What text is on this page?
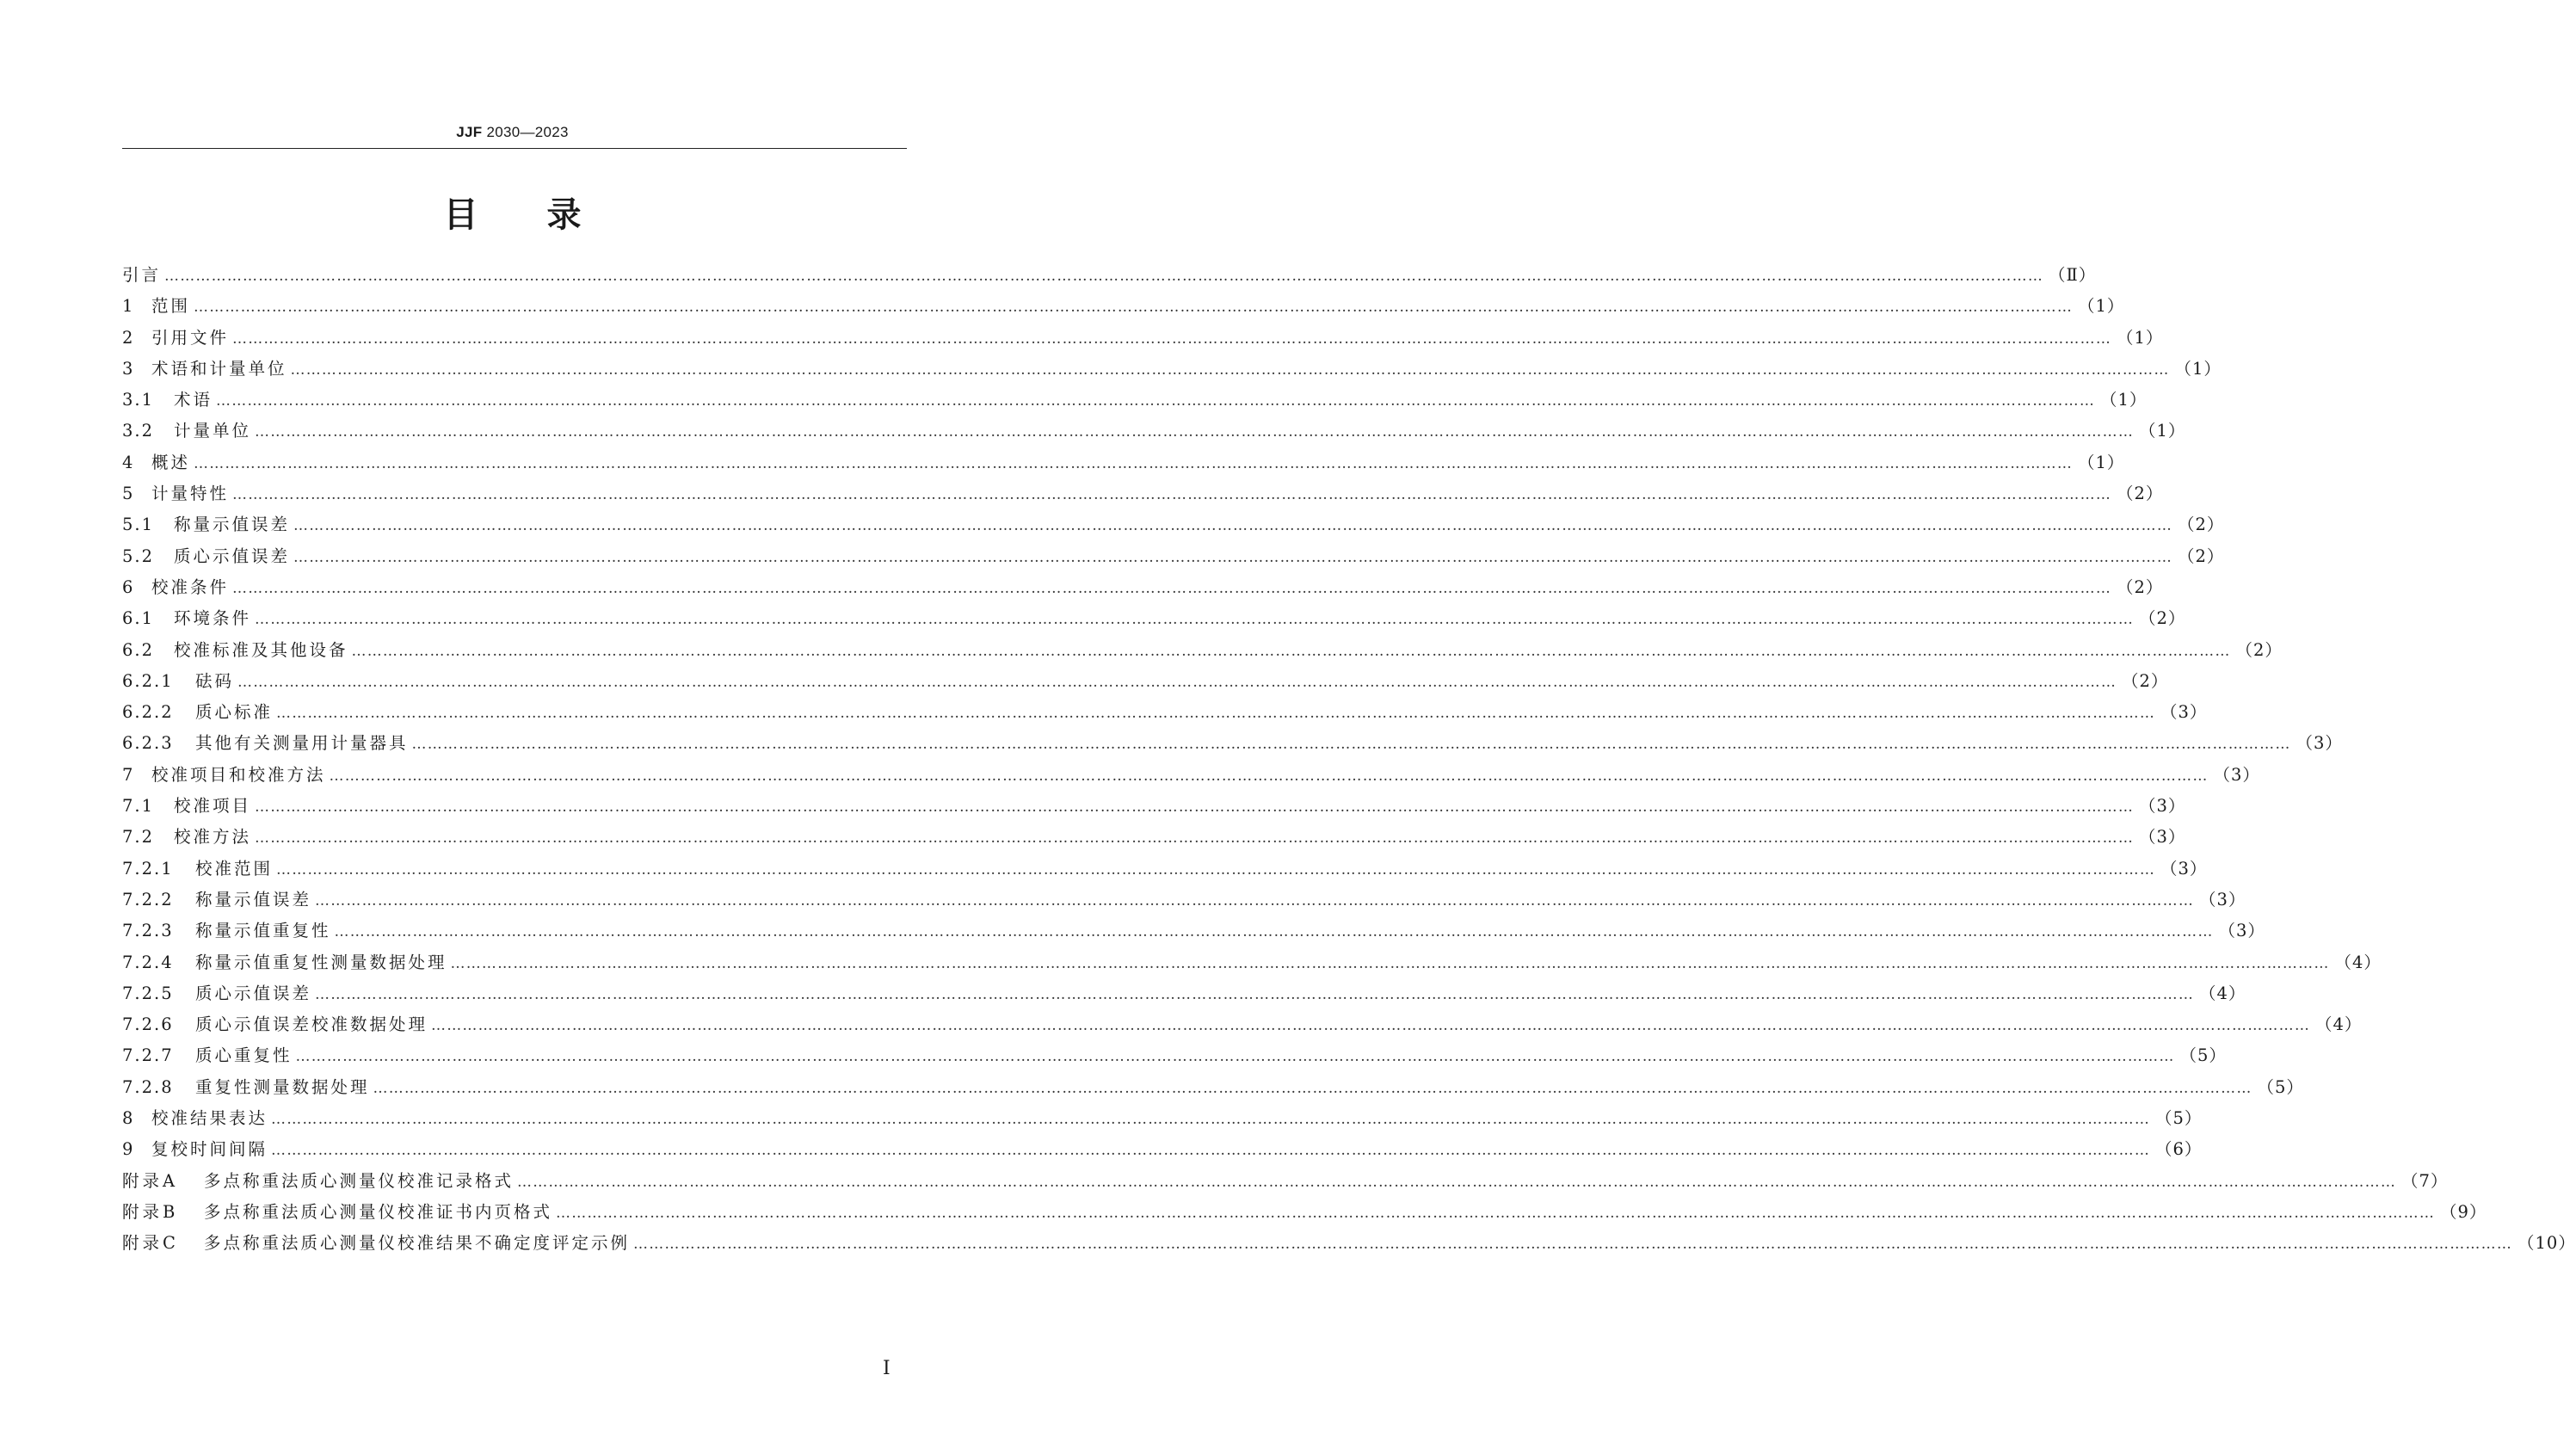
JJF 2030—2023
目录
引言 ……………………………………………………………………………………………………………………………………………………………………………………………………………………………………………………………………………………………………………………………… （Ⅱ）
1	范围 ……………………………………………………………………………………………………………………………………………………………………………………………………………………………………………………………………………………………………………………………… （1）
2	引用文件 ……………………………………………………………………………………………………………………………………………………………………………………………………………………………………………………………………………………………………………………………… （1）
3	术语和计量单位 ……………………………………………………………………………………………………………………………………………………………………………………………………………………………………………………………………………………………………………………………… （1）
3.1	术语 ……………………………………………………………………………………………………………………………………………………………………………………………………………………………………………………………………………………………………………………………… （1）
3.2	计量单位 ……………………………………………………………………………………………………………………………………………………………………………………………………………………………………………………………………………………………………………………………… （1）
4	概述 ……………………………………………………………………………………………………………………………………………………………………………………………………………………………………………………………………………………………………………………………… （1）
5	计量特性 ……………………………………………………………………………………………………………………………………………………………………………………………………………………………………………………………………………………………………………………………… （2）
5.1	称量示值误差 ……………………………………………………………………………………………………………………………………………………………………………………………………………………………………………………………………………………………………………………………… （2）
5.2	质心示值误差 ……………………………………………………………………………………………………………………………………………………………………………………………………………………………………………………………………………………………………………………………… （2）
6	校准条件 ……………………………………………………………………………………………………………………………………………………………………………………………………………………………………………………………………………………………………………………………… （2）
6.1	环境条件 ……………………………………………………………………………………………………………………………………………………………………………………………………………………………………………………………………………………………………………………………… （2）
6.2	校准标准及其他设备 ……………………………………………………………………………………………………………………………………………………………………………………………………………………………………………………………………………………………………………………………… （2）
6.2.1	砝码 ……………………………………………………………………………………………………………………………………………………………………………………………………………………………………………………………………………………………………………………………… （2）
6.2.2	质心标准 ……………………………………………………………………………………………………………………………………………………………………………………………………………………………………………………………………………………………………………………………… （3）
6.2.3	其他有关测量用计量器具 ……………………………………………………………………………………………………………………………………………………………………………………………………………………………………………………………………………………………………………………………… （3）
7	校准项目和校准方法 ……………………………………………………………………………………………………………………………………………………………………………………………………………………………………………………………………………………………………………………………… （3）
7.1	校准项目 ……………………………………………………………………………………………………………………………………………………………………………………………………………………………………………………………………………………………………………………………… （3）
7.2	校准方法 ……………………………………………………………………………………………………………………………………………………………………………………………………………………………………………………………………………………………………………………………… （3）
7.2.1	校准范围 ……………………………………………………………………………………………………………………………………………………………………………………………………………………………………………………………………………………………………………………………… （3）
7.2.2	称量示值误差 ……………………………………………………………………………………………………………………………………………………………………………………………………………………………………………………………………………………………………………………………… （3）
7.2.3	称量示值重复性 ……………………………………………………………………………………………………………………………………………………………………………………………………………………………………………………………………………………………………………………………… （3）
7.2.4	称量示值重复性测量数据处理 ……………………………………………………………………………………………………………………………………………………………………………………………………………………………………………………………………………………………………………………………… （4）
7.2.5	质心示值误差 ……………………………………………………………………………………………………………………………………………………………………………………………………………………………………………………………………………………………………………………………… （4）
7.2.6	质心示值误差校准数据处理 ……………………………………………………………………………………………………………………………………………………………………………………………………………………………………………………………………………………………………………………………… （4）
7.2.7	质心重复性 ……………………………………………………………………………………………………………………………………………………………………………………………………………………………………………………………………………………………………………………………… （5）
7.2.8	重复性测量数据处理 ……………………………………………………………………………………………………………………………………………………………………………………………………………………………………………………………………………………………………………………………… （5）
8	校准结果表达 ……………………………………………………………………………………………………………………………………………………………………………………………………………………………………………………………………………………………………………………………… （5）
9	复校时间间隔 ……………………………………………………………………………………………………………………………………………………………………………………………………………………………………………………………………………………………………………………………… （6）
附录A	多点称重法质心测量仪校准记录格式 ……………………………………………………………………………………………………………………………………………………………………………………………………………………………………………………………………………………………………………………………… （7）
附录B	多点称重法质心测量仪校准证书内页格式 ……………………………………………………………………………………………………………………………………………………………………………………………………………………………………………………………………………………………………………………………… （9）
附录C	多点称重法质心测量仪校准结果不确定度评定示例 ……………………………………………………………………………………………………………………………………………………………………………………………………………………………………………………………………………………………………………………………… （10）
Ⅰ
